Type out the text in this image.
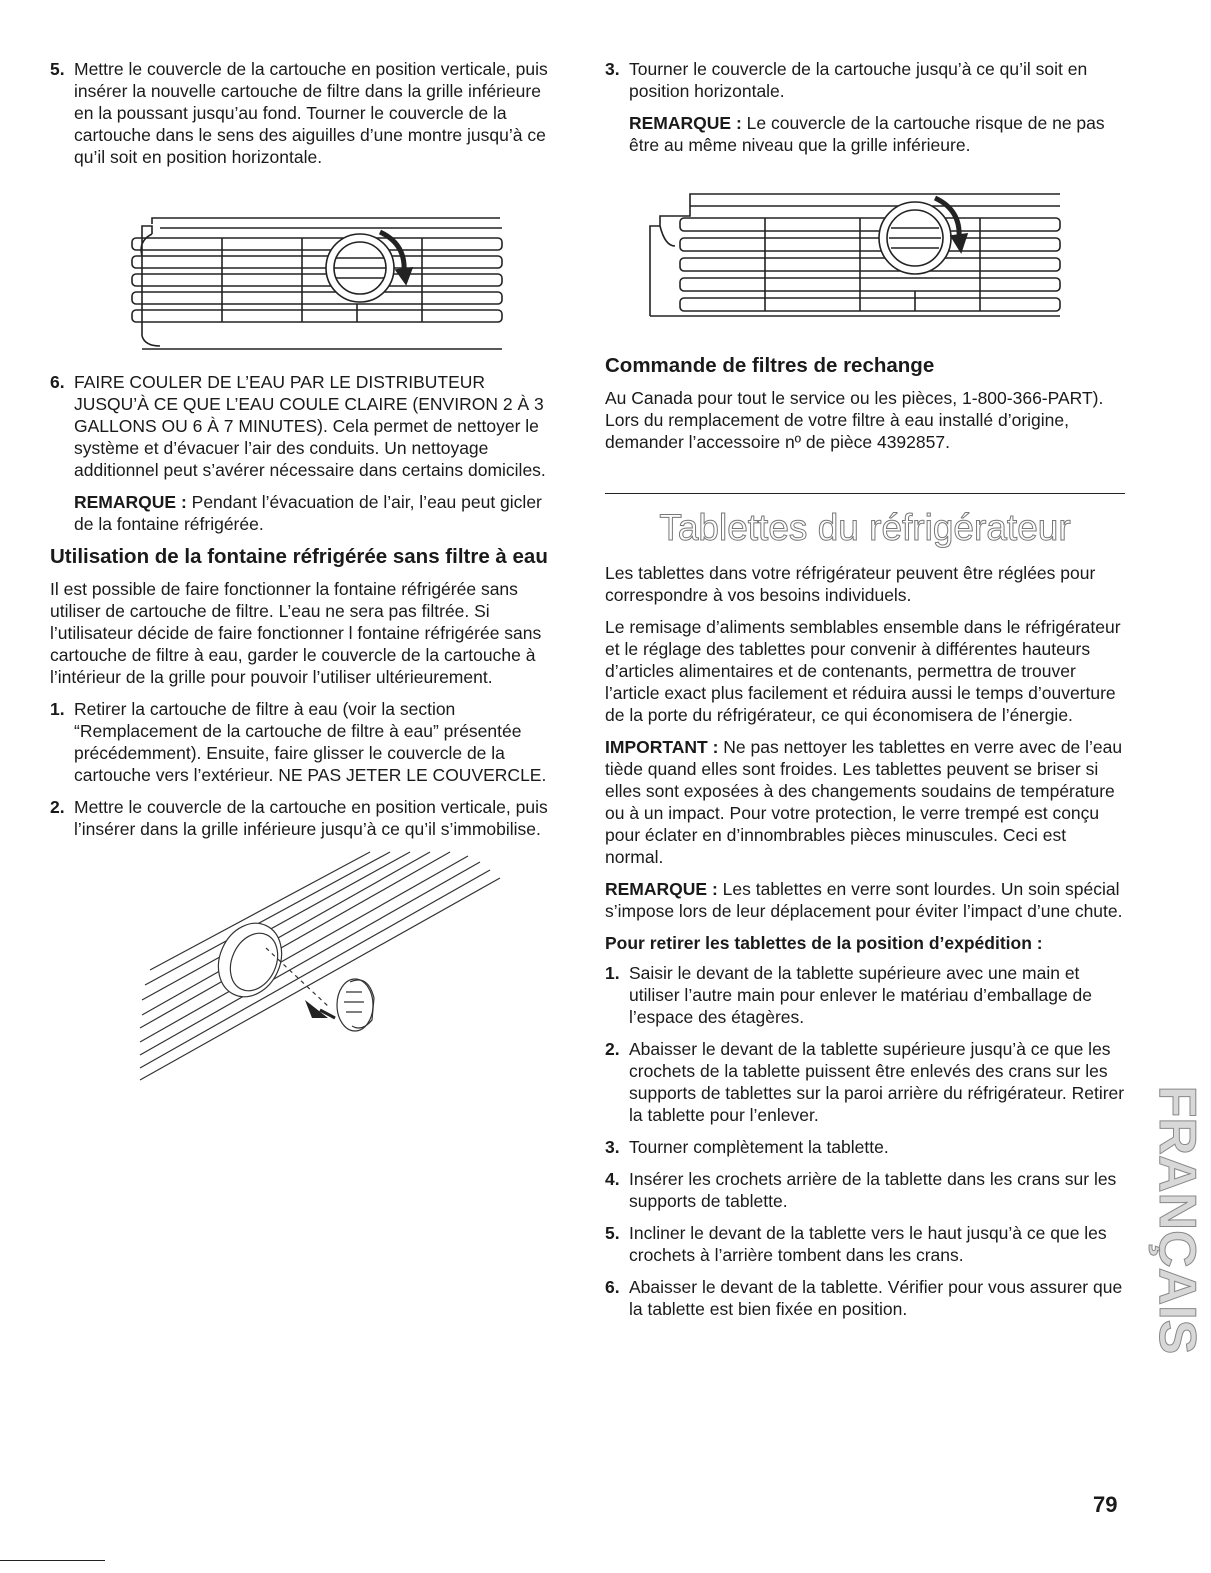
5. Mettre le couvercle de la cartouche en position verticale, puis insérer la nouvelle cartouche de filtre dans la grille inférieure en la poussant jusqu’au fond. Tourner le couvercle de la cartouche dans le sens des aiguilles d’une montre jusqu’à ce qu’il soit en position horizontale.
6. FAIRE COULER DE L’EAU PAR LE DISTRIBUTEUR JUSQU’À CE QUE L’EAU COULE CLAIRE (ENVIRON 2 À 3 GALLONS OU 6 À 7 MINUTES). Cela permet de nettoyer le système et d’évacuer l’air des conduits. Un nettoyage additionnel peut s’avérer nécessaire dans certains domiciles.

REMARQUE : Pendant l’évacuation de l’air, l’eau peut gicler de la fontaine réfrigérée.

Utilisation de la fontaine réfrigérée sans filtre à eau

Il est possible de faire fonctionner la fontaine réfrigérée sans utiliser de cartouche de filtre. L’eau ne sera pas filtrée. Si l’utilisateur décide de faire fonctionner l fontaine réfrigérée sans cartouche de filtre à eau, garder le couvercle de la cartouche à l’intérieur de la grille pour pouvoir l’utiliser ultérieurement.

1. Retirer la cartouche de filtre à eau (voir la section “Remplacement de la cartouche de filtre à eau” présentée précédemment). Ensuite, faire glisser le couvercle de la cartouche vers l’extérieur. NE PAS JETER LE COUVERCLE.
2. Mettre le couvercle de la cartouche en position verticale, puis l’insérer dans la grille inférieure jusqu’à ce qu’il s’immobilise.
3. Tourner le couvercle de la cartouche jusqu’à ce qu’il soit en position horizontale.

REMARQUE : Le couvercle de la cartouche risque de ne pas être au même niveau que la grille inférieure.

Commande de filtres de rechange

Au Canada pour tout le service ou les pièces, 1-800-366-PART). Lors du remplacement de votre filtre à eau installé d’origine, demander l’accessoire nº de pièce 4392857.

Tablettes du réfrigérateur

Les tablettes dans votre réfrigérateur peuvent être réglées pour correspondre à vos besoins individuels.

Le remisage d’aliments semblables ensemble dans le réfrigérateur et le réglage des tablettes pour convenir à différentes hauteurs d’articles alimentaires et de contenants, permettra de trouver l’article exact plus facilement et réduira aussi le temps d’ouverture de la porte du réfrigérateur, ce qui économisera de l’énergie.

IMPORTANT : Ne pas nettoyer les tablettes en verre avec de l’eau tiède quand elles sont froides. Les tablettes peuvent se briser si elles sont exposées à des changements soudains de température ou à un impact. Pour votre protection, le verre trempé est conçu pour éclater en d’innombrables pièces minuscules. Ceci est normal.

REMARQUE : Les tablettes en verre sont lourdes. Un soin spécial s’impose lors de leur déplacement pour éviter l’impact d’une chute.

Pour retirer les tablettes de la position d’expédition :
1. Saisir le devant de la tablette supérieure avec une main et utiliser l’autre main pour enlever le matériau d’emballage de l’espace des étagères.
2. Abaisser le devant de la tablette supérieure jusqu’à ce que les crochets de la tablette puissent être enlevés des crans sur les supports de tablettes sur la paroi arrière du réfrigérateur. Retirer la tablette pour l’enlever.
3. Tourner complètement la tablette.
4. Insérer les crochets arrière de la tablette dans les crans sur les supports de tablette.
5. Incliner le devant de la tablette vers le haut jusqu’à ce que les crochets à l’arrière tombent dans les crans.
6. Abaisser le devant de la tablette. Vérifier pour vous assurer que la tablette est bien fixée en position.	FRANÇAIS
79
